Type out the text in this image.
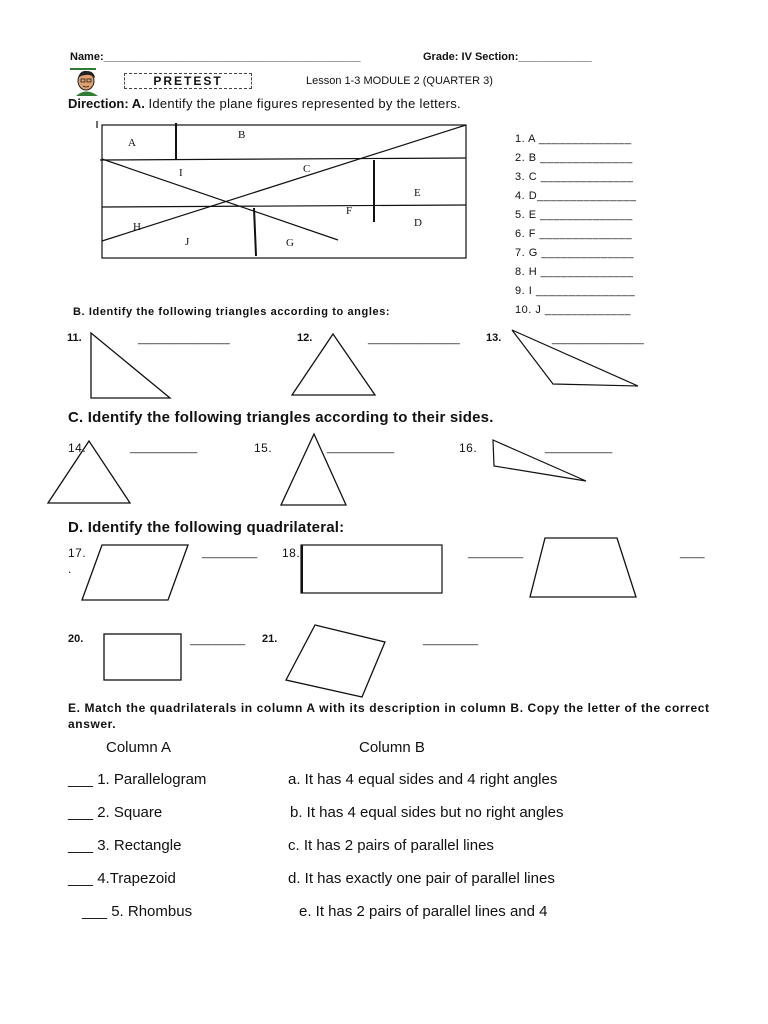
Name:__________________________________________	Grade: IV Section:____________
PRETEST	Lesson 1-3 MODULE 2 (QUARTER 3)
Direction: A. Identify the plane figures represented by the letters.
A
B
C
D
E
F
G
H
I
J
1. A ______________
2. B ______________
3. C ______________
4. D_______________
5. E ______________
6. F ______________
7. G ______________
8. H ______________
9. I _______________
10. J _____________
B. Identify the following triangles according to angles:
11.	_______________	12.	_______________ 13.	_______________
C. Identify the following triangles according to their sides.
14.	___________	15.	___________	16.	___________
D. Identify the following quadrilateral:
17.
.
_________ 18.	_________	____
20.	_________ 21.	_________
E. Match the quadrilaterals in column A with its description in column B. Copy the letter of the correct answer.
Column A	Column B
___ 1. Parallelogram	a. It has 4 equal sides and 4 right angles
___ 2. Square	b. It has 4 equal sides but no right angles
___ 3. Rectangle	c. It has 2 pairs of parallel lines
___ 4.Trapezoid	d. It has exactly one pair of parallel lines
___ 5. Rhombus	e. It has 2 pairs of parallel lines and 4
